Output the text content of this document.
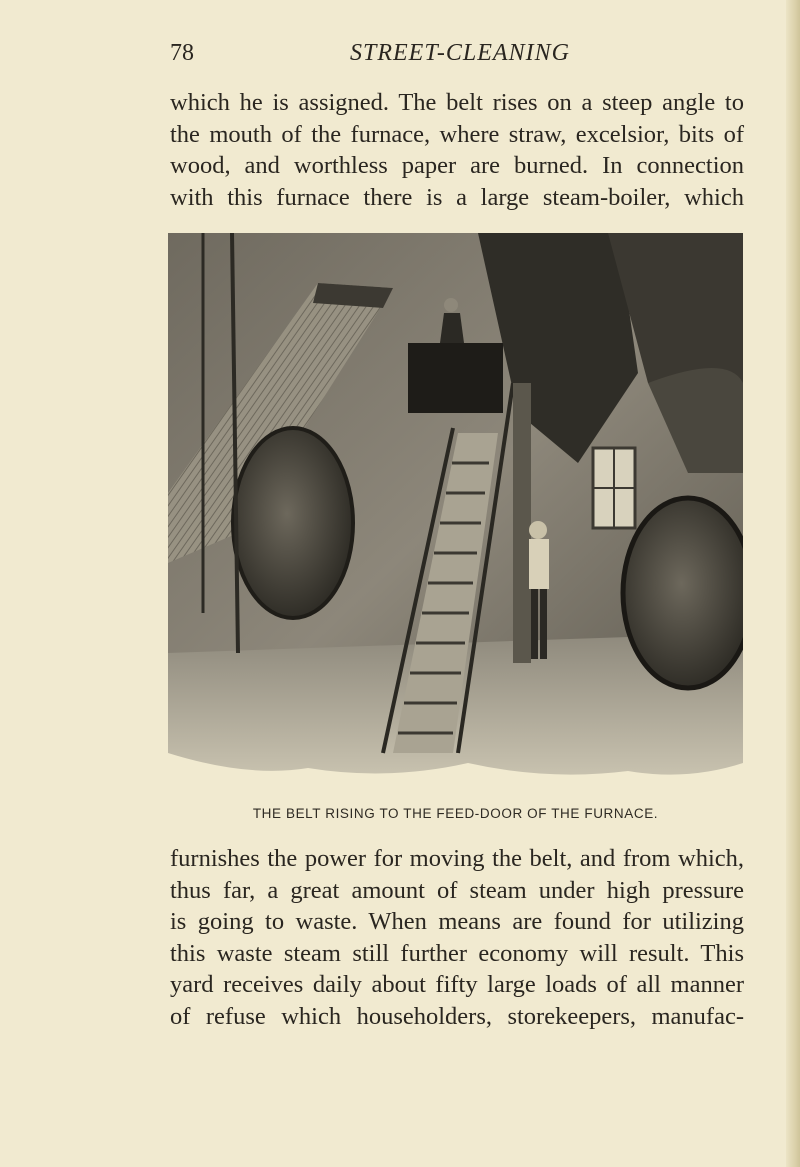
78	STREET-CLEANING

which he is assigned. The belt rises on a steep angle to
the mouth of the furnace, where straw, excelsior, bits of
wood, and worthless paper are burned. In connection
with this furnace there is a large steam-boiler, which

THE BELT RISING TO THE FEED-DOOR OF THE FURNACE.

furnishes the power for moving the belt, and from which,
thus far, a great amount of steam under high pressure
is going to waste. When means are found for utilizing
this waste steam still further economy will result. This
yard receives daily about fifty large loads of all manner
of refuse which householders, storekeepers, manufac-
